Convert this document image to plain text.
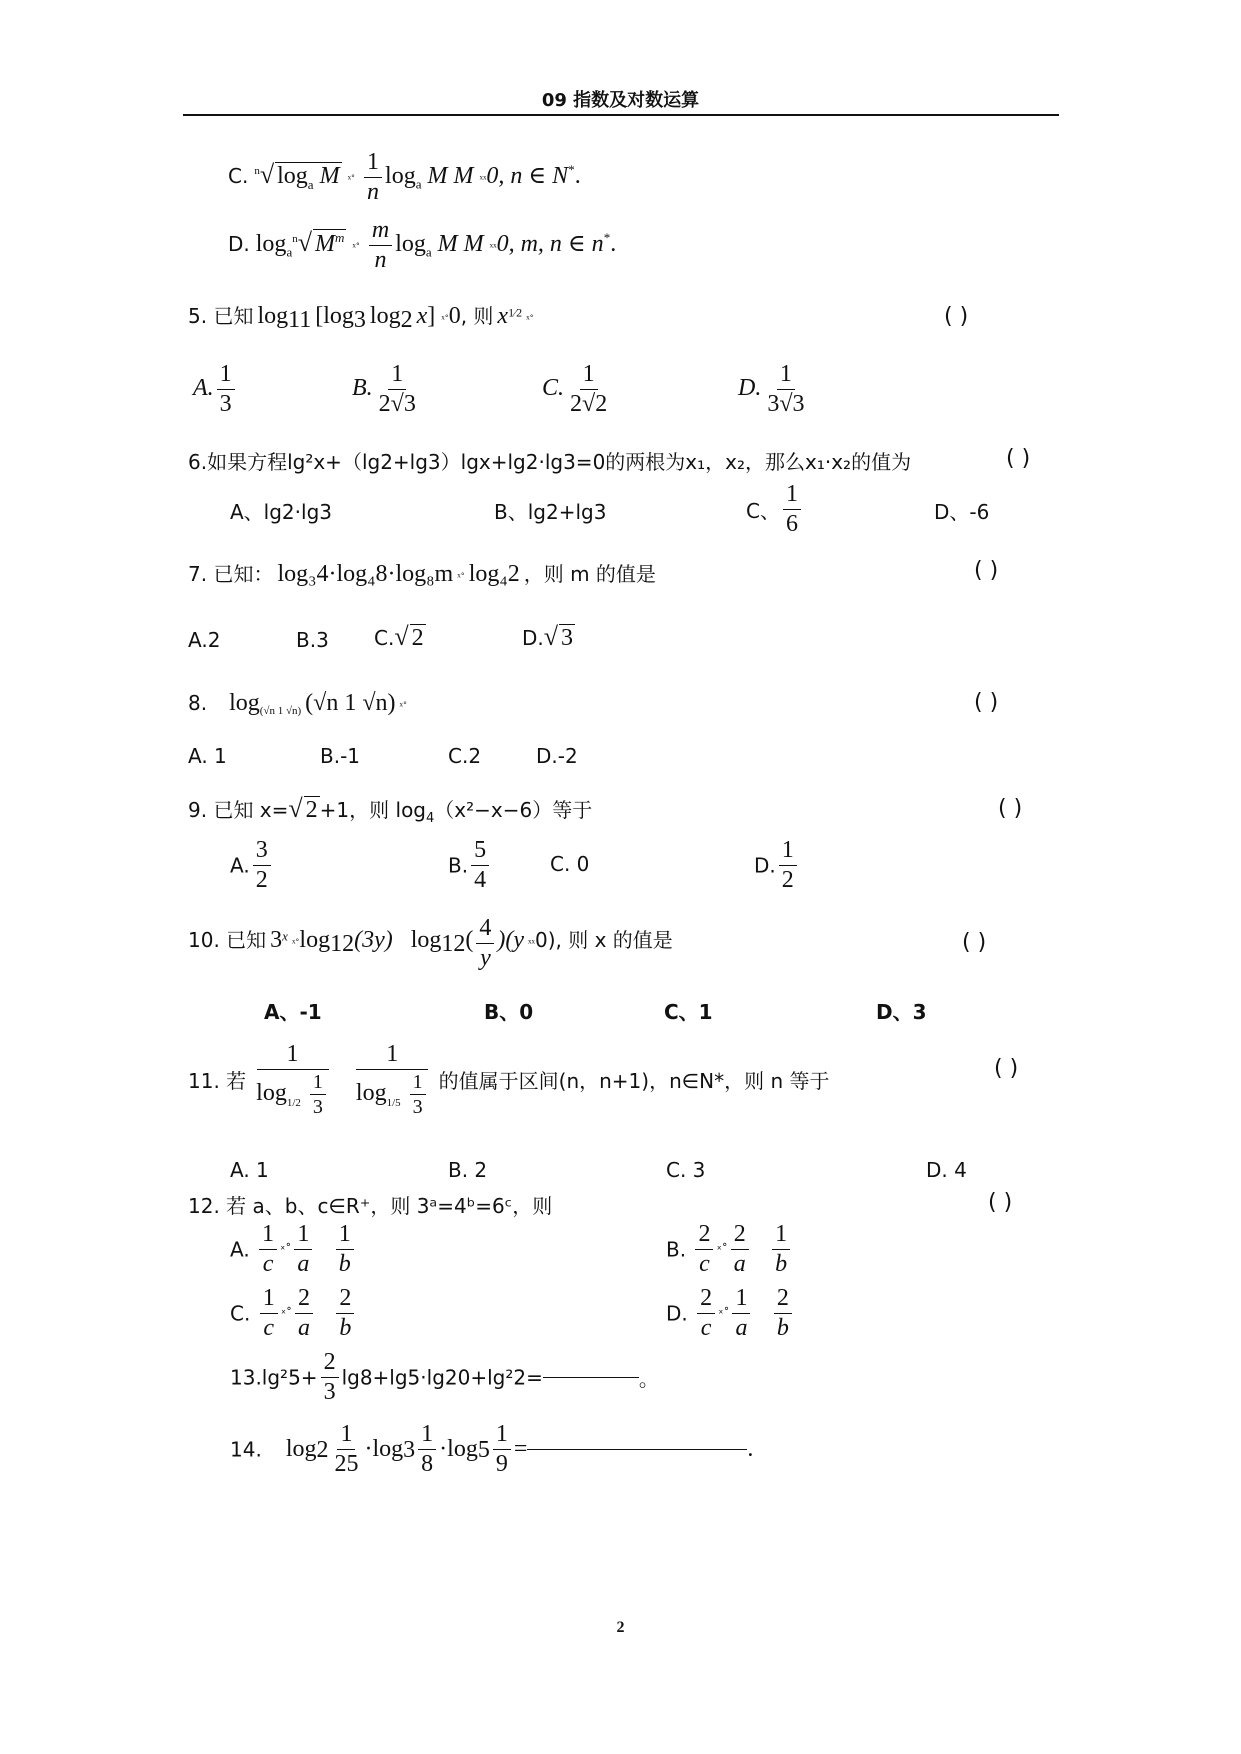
09 指数及对数运算
C. $^n$√ $\log_a M$ ˣ˚ $\frac{1}{n} \log_a M$ M ˣˣ0, n ∈ N*.
D. $\log_a^n√$ $M^m$ ˣ˚ $\frac{m}{n} \log_a M$ M ˣˣ0, m, n ∈ n*.
5. 已知 $\log_{11} [\log_3$ $\log_2 x$] ˣ˚0, 则 $x^{1⁄2}$ ˣ˚	( )
A. $\frac{1}{3}$	B. $\frac{1}{2√3}$	C. $\frac{1}{2√2}$	D. $\frac{1}{3√3}$
6.如果方程lg²x+（lg2+lg3）lgx+lg2·lg3=0的两根为x₁，x₂，那么x₁·x₂的值为	( )
A、lg2·lg3	B、lg2+lg3	C、 $\frac{1}{6}$	D、-6
7. 已知： log₃4·log₄8·log₈m ˣ˚ log₄2 ，则 m 的值是	( )
A.2	B.3 C.√ 2	D.√ 3
8. $\log_{(√n 1 √n)} (√n$ 1 √n) ˣ˚	( )
A. 1	B.-1	C.2	D.-2
9. 已知 x=√ 2 +1，则 $\log_4(x^2-x-6)$等于	( )
A. $\frac{3}{2}$	B. $\frac{5}{4}$	C. 0	D. $\frac{1}{2}$
10. 已知 3$^x$ $ˣ˚\log_{12}(3y)$ $\log_{12}( \frac{4}{y} )(y$ ˣˣ0), 则 x 的值是	( )
A、-1	B、0	C、1	D、3
11. 若 $\frac{1}{\log_{1/2} \frac{1}{3}}$
$\frac{1}{\log_{1/5} \frac{1}{3}}$ 的值属于区间(n，n+1)，n∈N*，则 n 等于	( )
A. 1	B. 2	C. 3	D. 4
12. 若 a、b、c∈R⁺，则 3ᵃ=4ᵇ=6ᶜ，则	( )
A. $\frac{1}{c}$ ˣ˚ $\frac{1}{a}$
$\frac{1}{b}$	B. $\frac{2}{c}$ ˣ˚ $\frac{2}{a}$
$\frac{1}{b}$
C. $\frac{1}{c}$ ˣ˚ $\frac{2}{a}$
$\frac{2}{b}$	D. $\frac{2}{c}$ ˣ˚ $\frac{1}{a}$
$\frac{2}{b}$
$13.\lg^25+ \frac{2}{3} \lg 8+\lg 5\cdot\lg 20+\lg^22=$	。
14. $\log_2 \frac{1}{25} \cdot\log_3 \frac{1}{8} \cdot\log_5 \frac{1}{9}$ =	.
2
